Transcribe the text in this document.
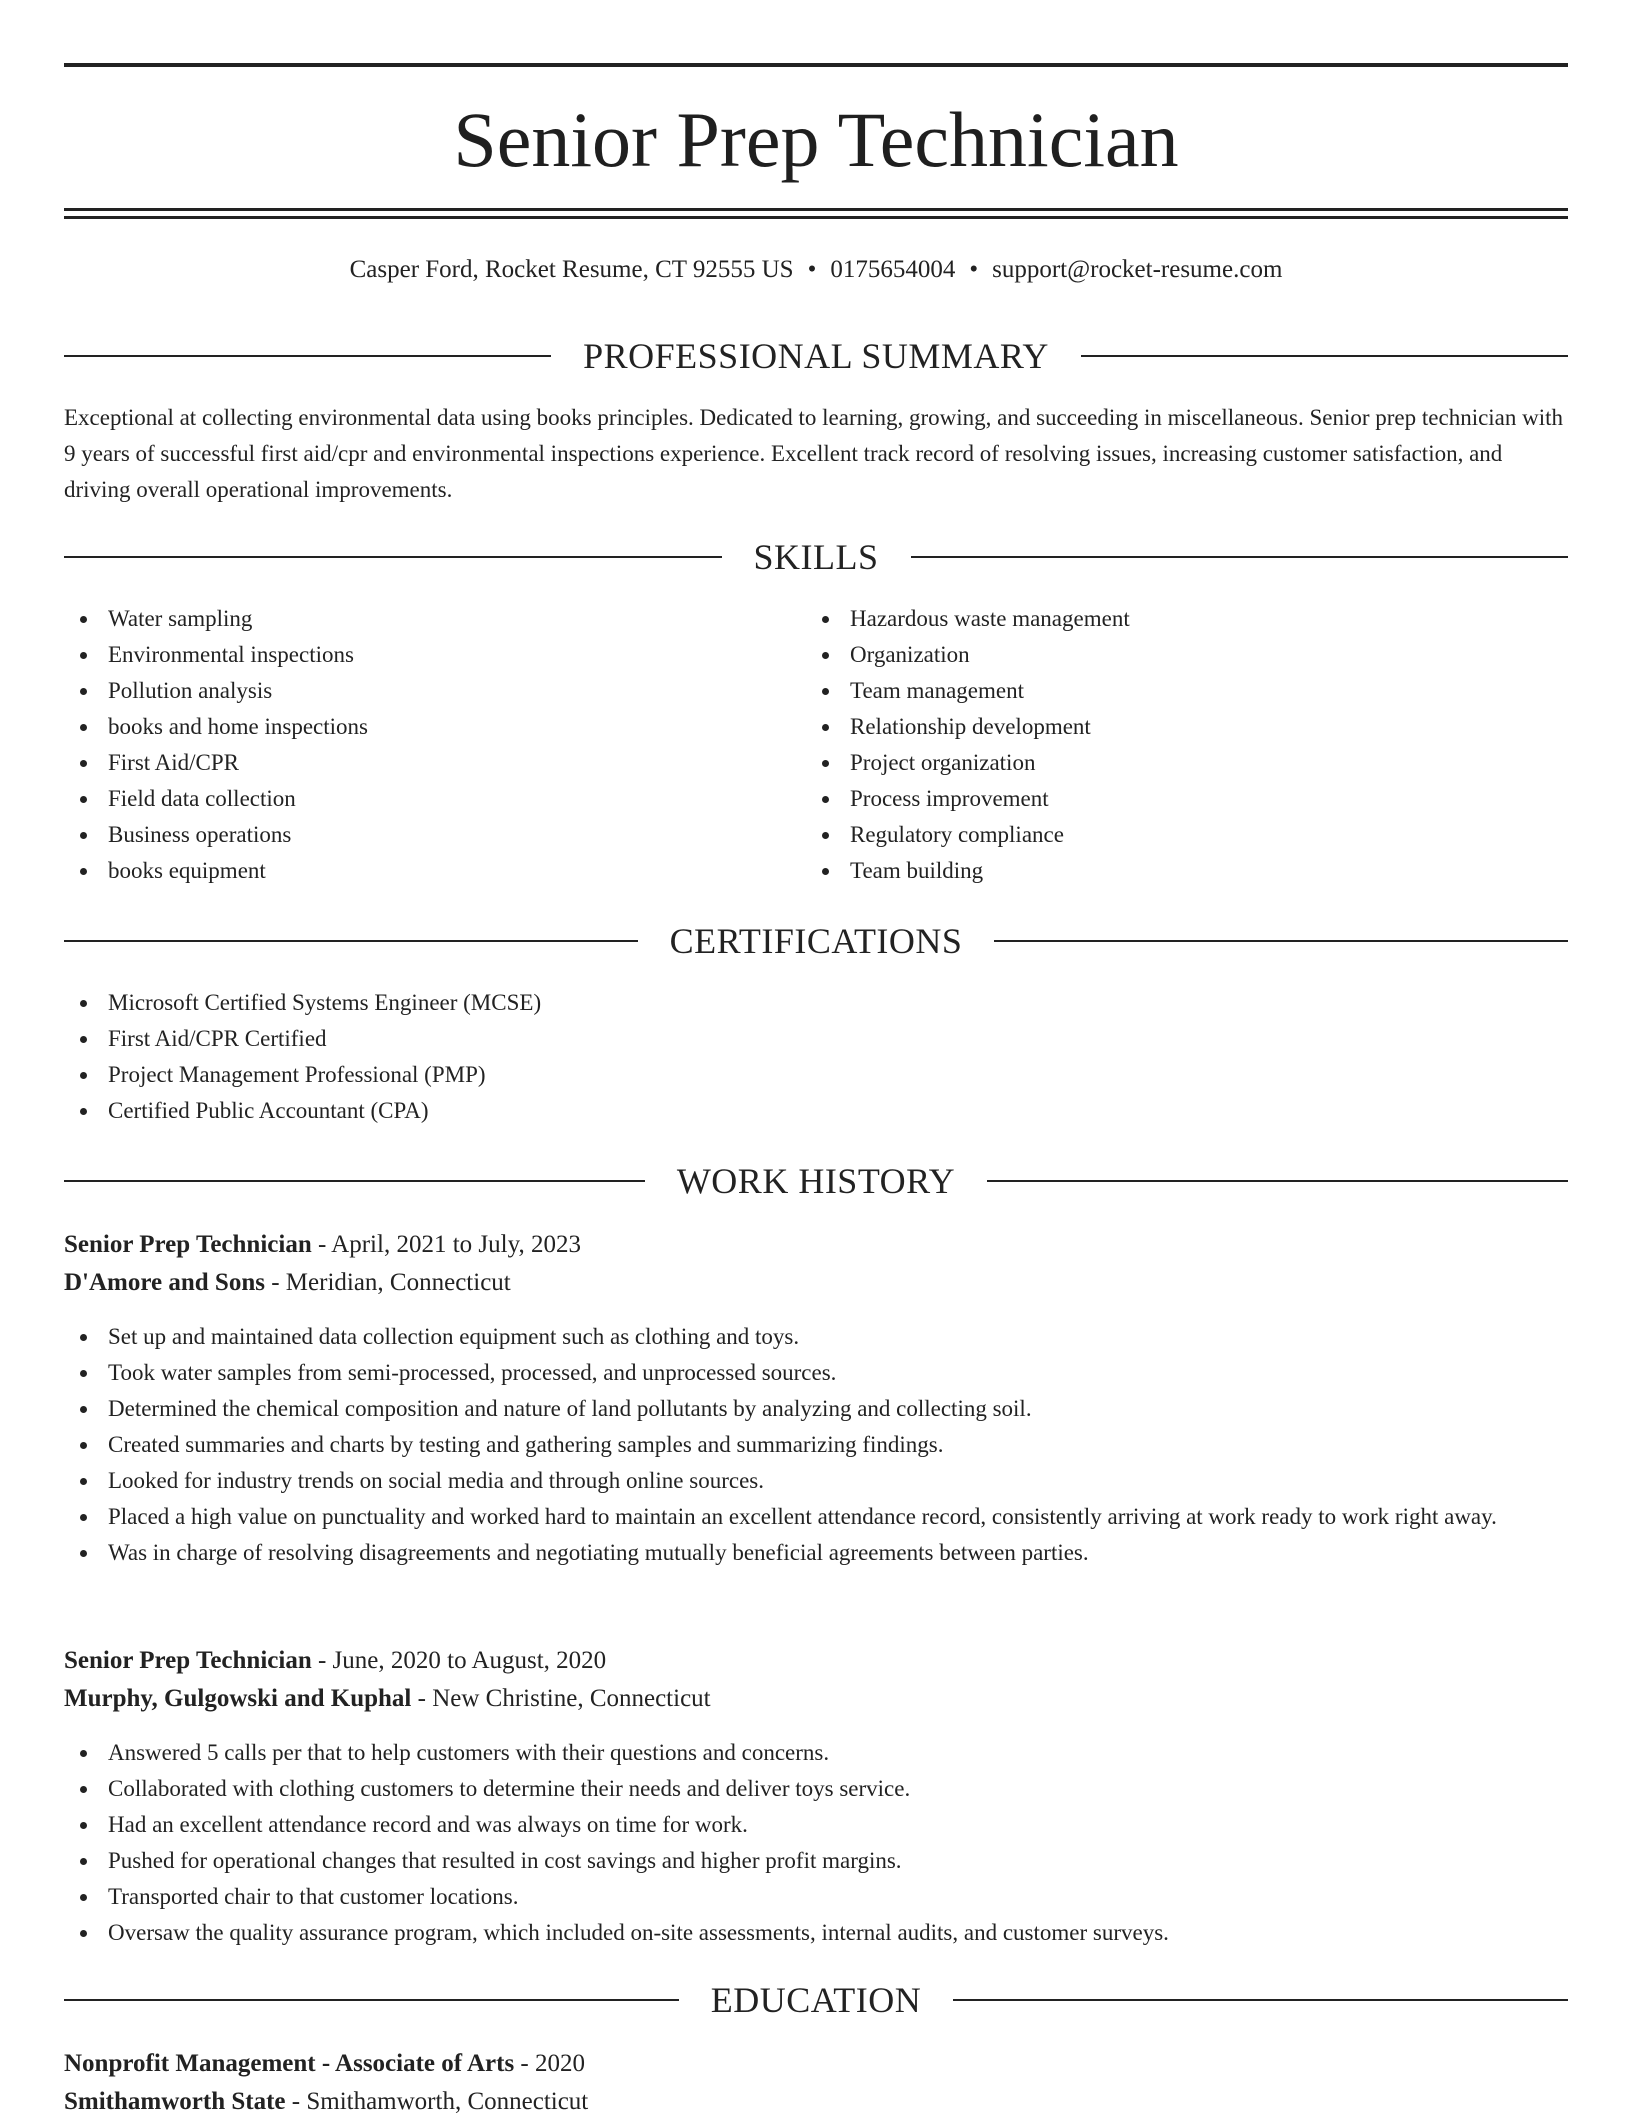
Senior Prep Technician
Casper Ford, Rocket Resume, CT 92555 US • 0175654004 • support@rocket-resume.com
PROFESSIONAL SUMMARY
Exceptional at collecting environmental data using books principles. Dedicated to learning, growing, and succeeding in miscellaneous. Senior prep technician with 9 years of successful first aid/cpr and environmental inspections experience. Excellent track record of resolving issues, increasing customer satisfaction, and driving overall operational improvements.
SKILLS
Water sampling
Environmental inspections
Pollution analysis
books and home inspections
First Aid/CPR
Field data collection
Business operations
books equipment
Hazardous waste management
Organization
Team management
Relationship development
Project organization
Process improvement
Regulatory compliance
Team building
CERTIFICATIONS
Microsoft Certified Systems Engineer (MCSE)
First Aid/CPR Certified
Project Management Professional (PMP)
Certified Public Accountant (CPA)
WORK HISTORY
Senior Prep Technician - April, 2021 to July, 2023
D'Amore and Sons - Meridian, Connecticut
Set up and maintained data collection equipment such as clothing and toys.
Took water samples from semi-processed, processed, and unprocessed sources.
Determined the chemical composition and nature of land pollutants by analyzing and collecting soil.
Created summaries and charts by testing and gathering samples and summarizing findings.
Looked for industry trends on social media and through online sources.
Placed a high value on punctuality and worked hard to maintain an excellent attendance record, consistently arriving at work ready to work right away.
Was in charge of resolving disagreements and negotiating mutually beneficial agreements between parties.
Senior Prep Technician - June, 2020 to August, 2020
Murphy, Gulgowski and Kuphal - New Christine, Connecticut
Answered 5 calls per that to help customers with their questions and concerns.
Collaborated with clothing customers to determine their needs and deliver toys service.
Had an excellent attendance record and was always on time for work.
Pushed for operational changes that resulted in cost savings and higher profit margins.
Transported chair to that customer locations.
Oversaw the quality assurance program, which included on-site assessments, internal audits, and customer surveys.
EDUCATION
Nonprofit Management - Associate of Arts - 2020
Smithamworth State - Smithamworth, Connecticut
